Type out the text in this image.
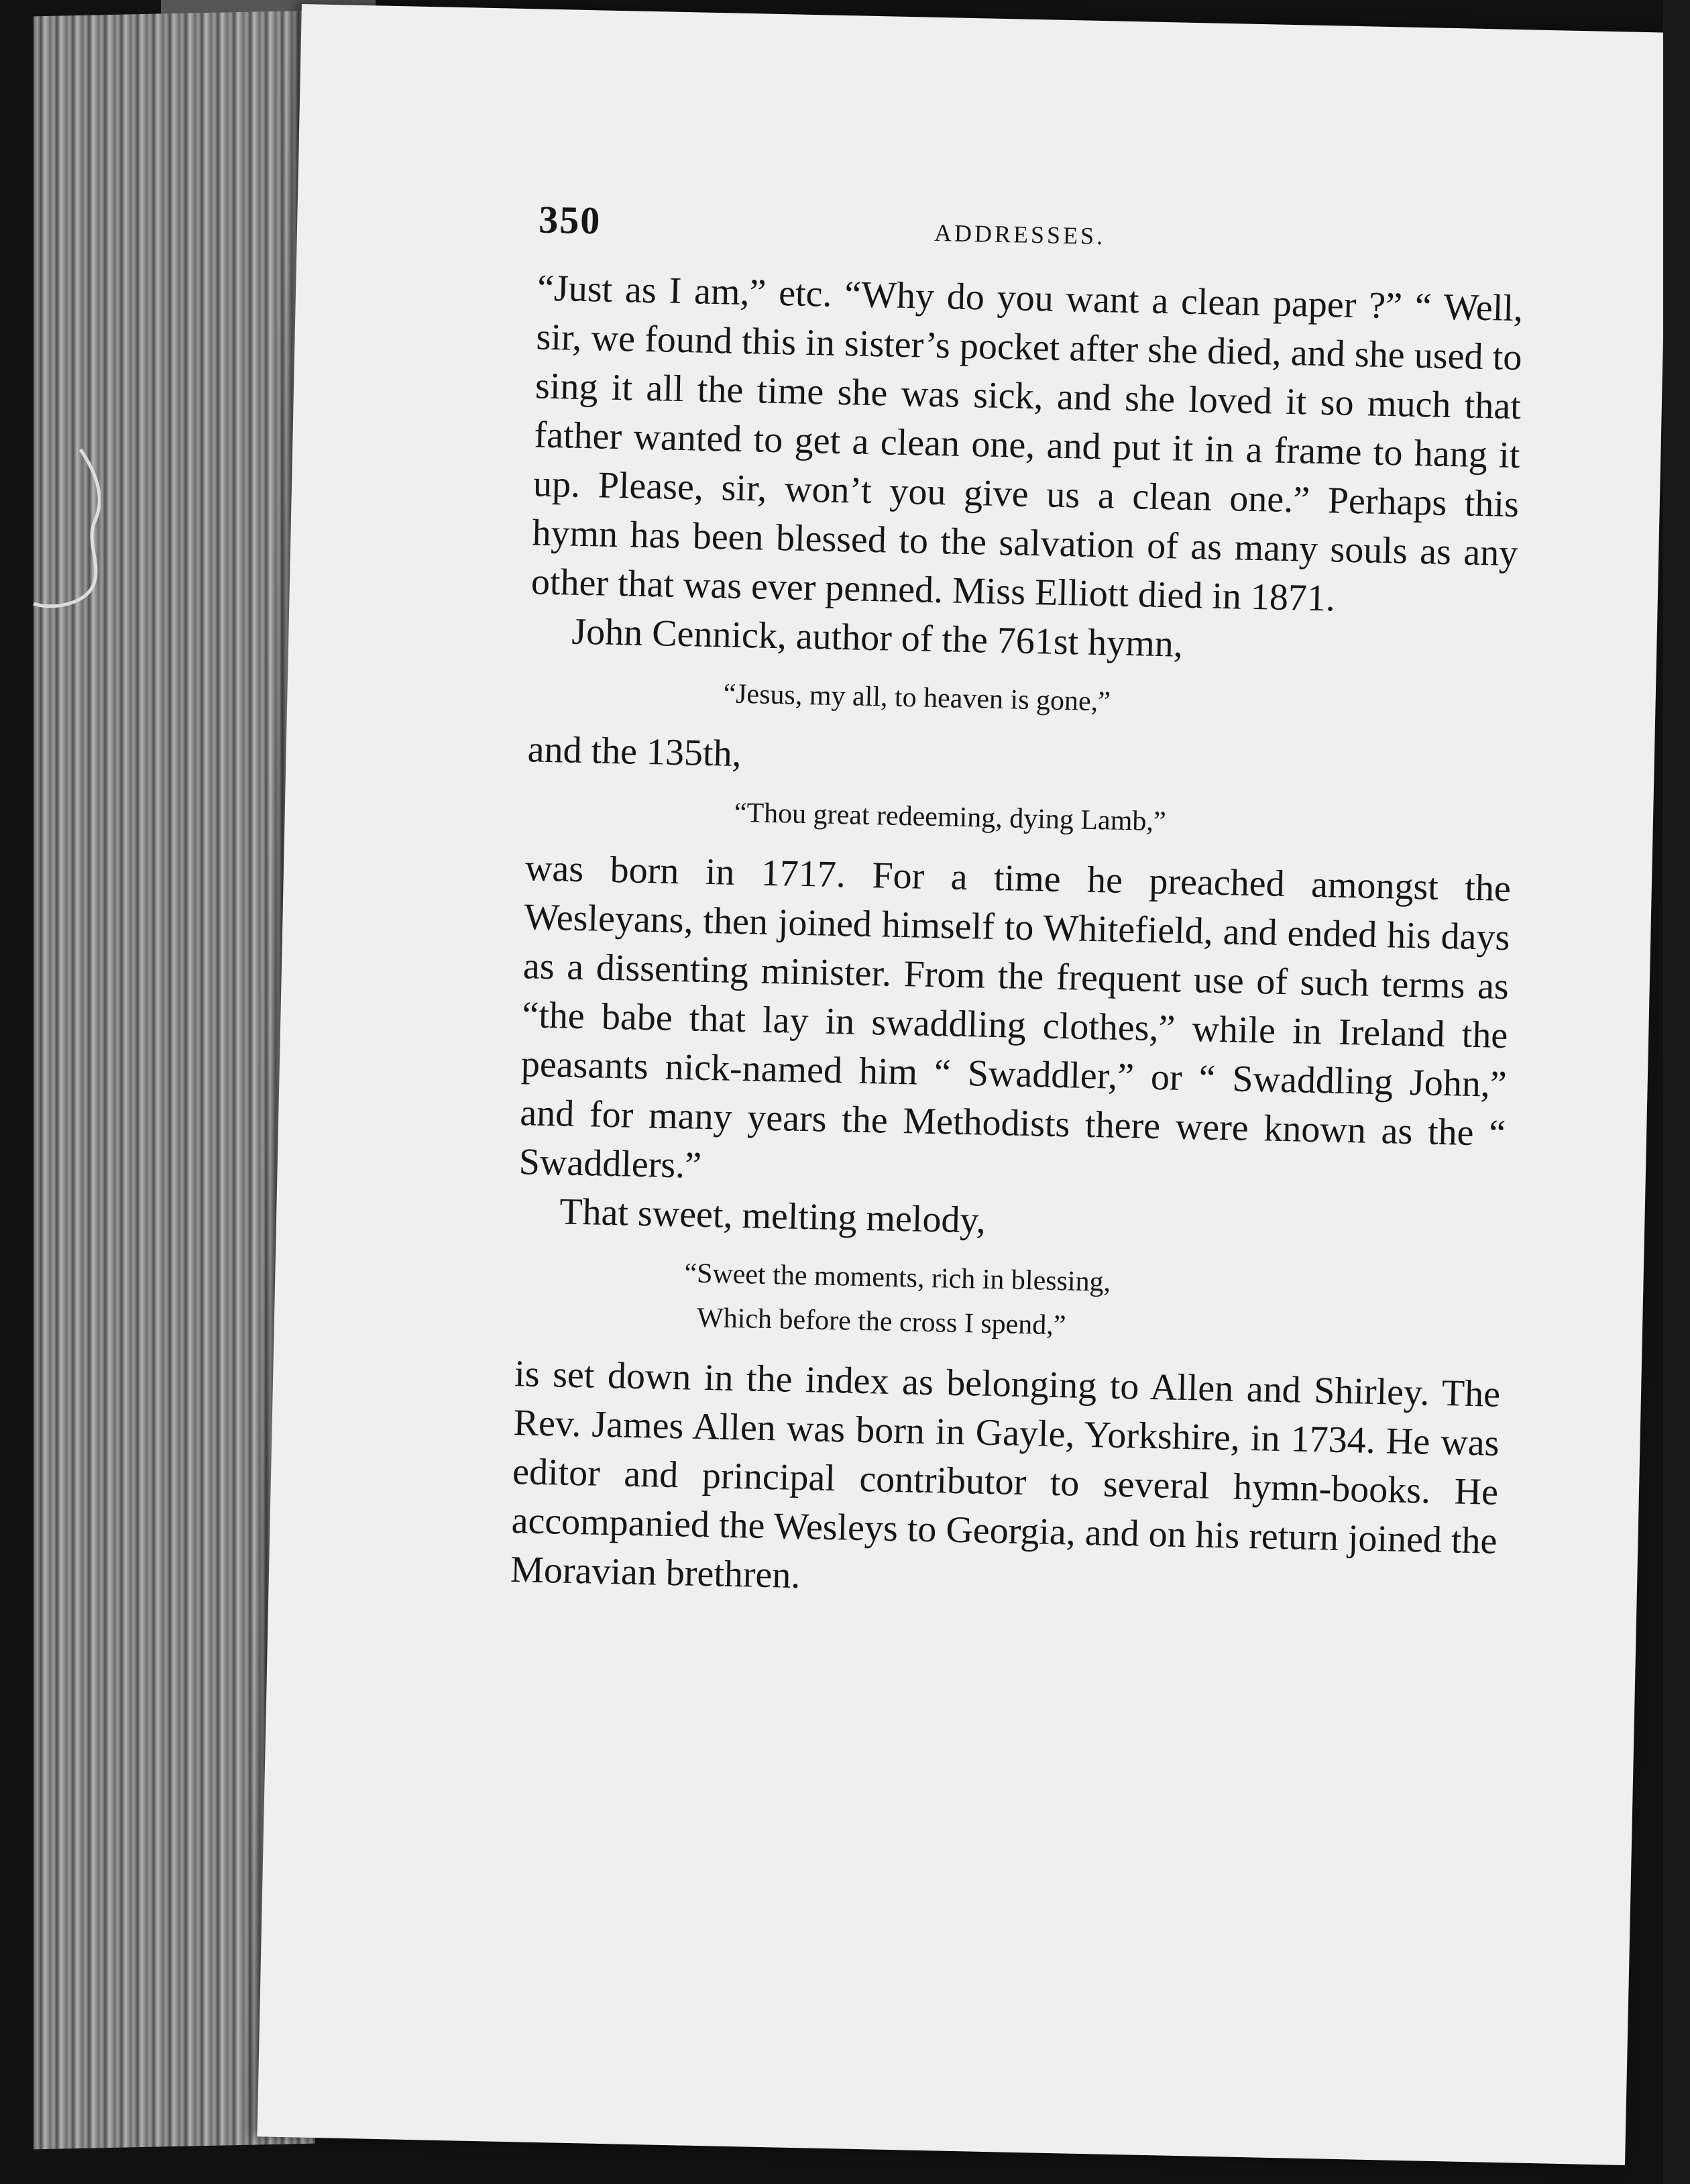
350	ADDRESSES.

“Just as I am,” etc. “Why do you want a clean paper ?” “ Well, sir, we found this in sister’s pocket after she died, and she used to sing it all the time she was sick, and she loved it so much that father wanted to get a clean one, and put it in a frame to hang it up. Please, sir, won’t you give us a clean one.” Perhaps this hymn has been blessed to the salvation of as many souls as any other that was ever penned. Miss Elliott died in 1871.

John Cennick, author of the 761st hymn,

“Jesus, my all, to heaven is gone,”

and the 135th,

“Thou great redeeming, dying Lamb,”

was born in 1717. For a time he preached amongst the Wesleyans, then joined himself to Whitefield, and ended his days as a dissenting minister. From the frequent use of such terms as “the babe that lay in swaddling clothes,” while in Ireland the peasants nick-named him “ Swaddler,” or “ Swaddling John,” and for many years the Methodists there were known as the “ Swaddlers.”

That sweet, melting melody,

“Sweet the moments, rich in blessing,
Which before the cross I spend,”

is set down in the index as belonging to Allen and Shirley. The Rev. James Allen was born in Gayle, Yorkshire, in 1734. He was editor and principal contributor to several hymn-books. He accompanied the Wesleys to Georgia, and on his return joined the Moravian brethren.
